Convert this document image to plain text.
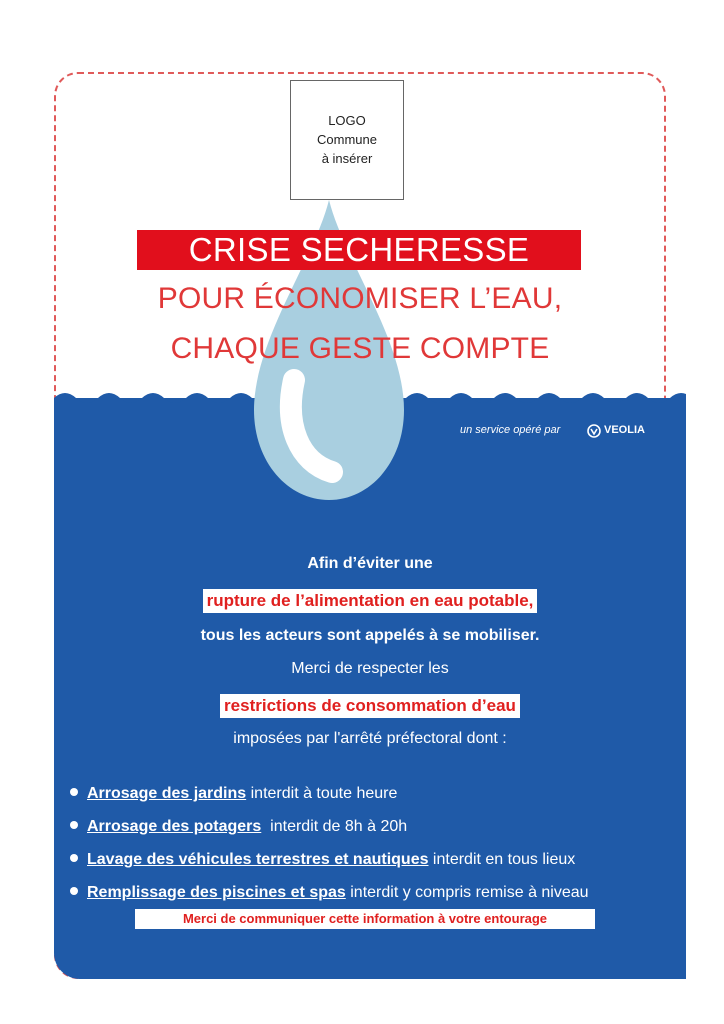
LOGO
Commune
à insérer
CRISE SECHERESSE
POUR ÉCONOMISER L’EAU,
CHAQUE GESTE COMPTE
un service opéré par	VEOLIA
Afin d’éviter une
rupture de l’alimentation en eau potable,
tous les acteurs sont appelés à se mobiliser.
Merci de respecter les
restrictions de consommation d’eau
imposées par l'arrêté préfectoral dont :
Arrosage des jardins interdit à toute heure
Arrosage des potagers  interdit de 8h à 20h
Lavage des véhicules terrestres et nautiques interdit en tous lieux
Remplissage des piscines et spas interdit y compris remise à niveau
Merci de communiquer cette information à votre entourage
